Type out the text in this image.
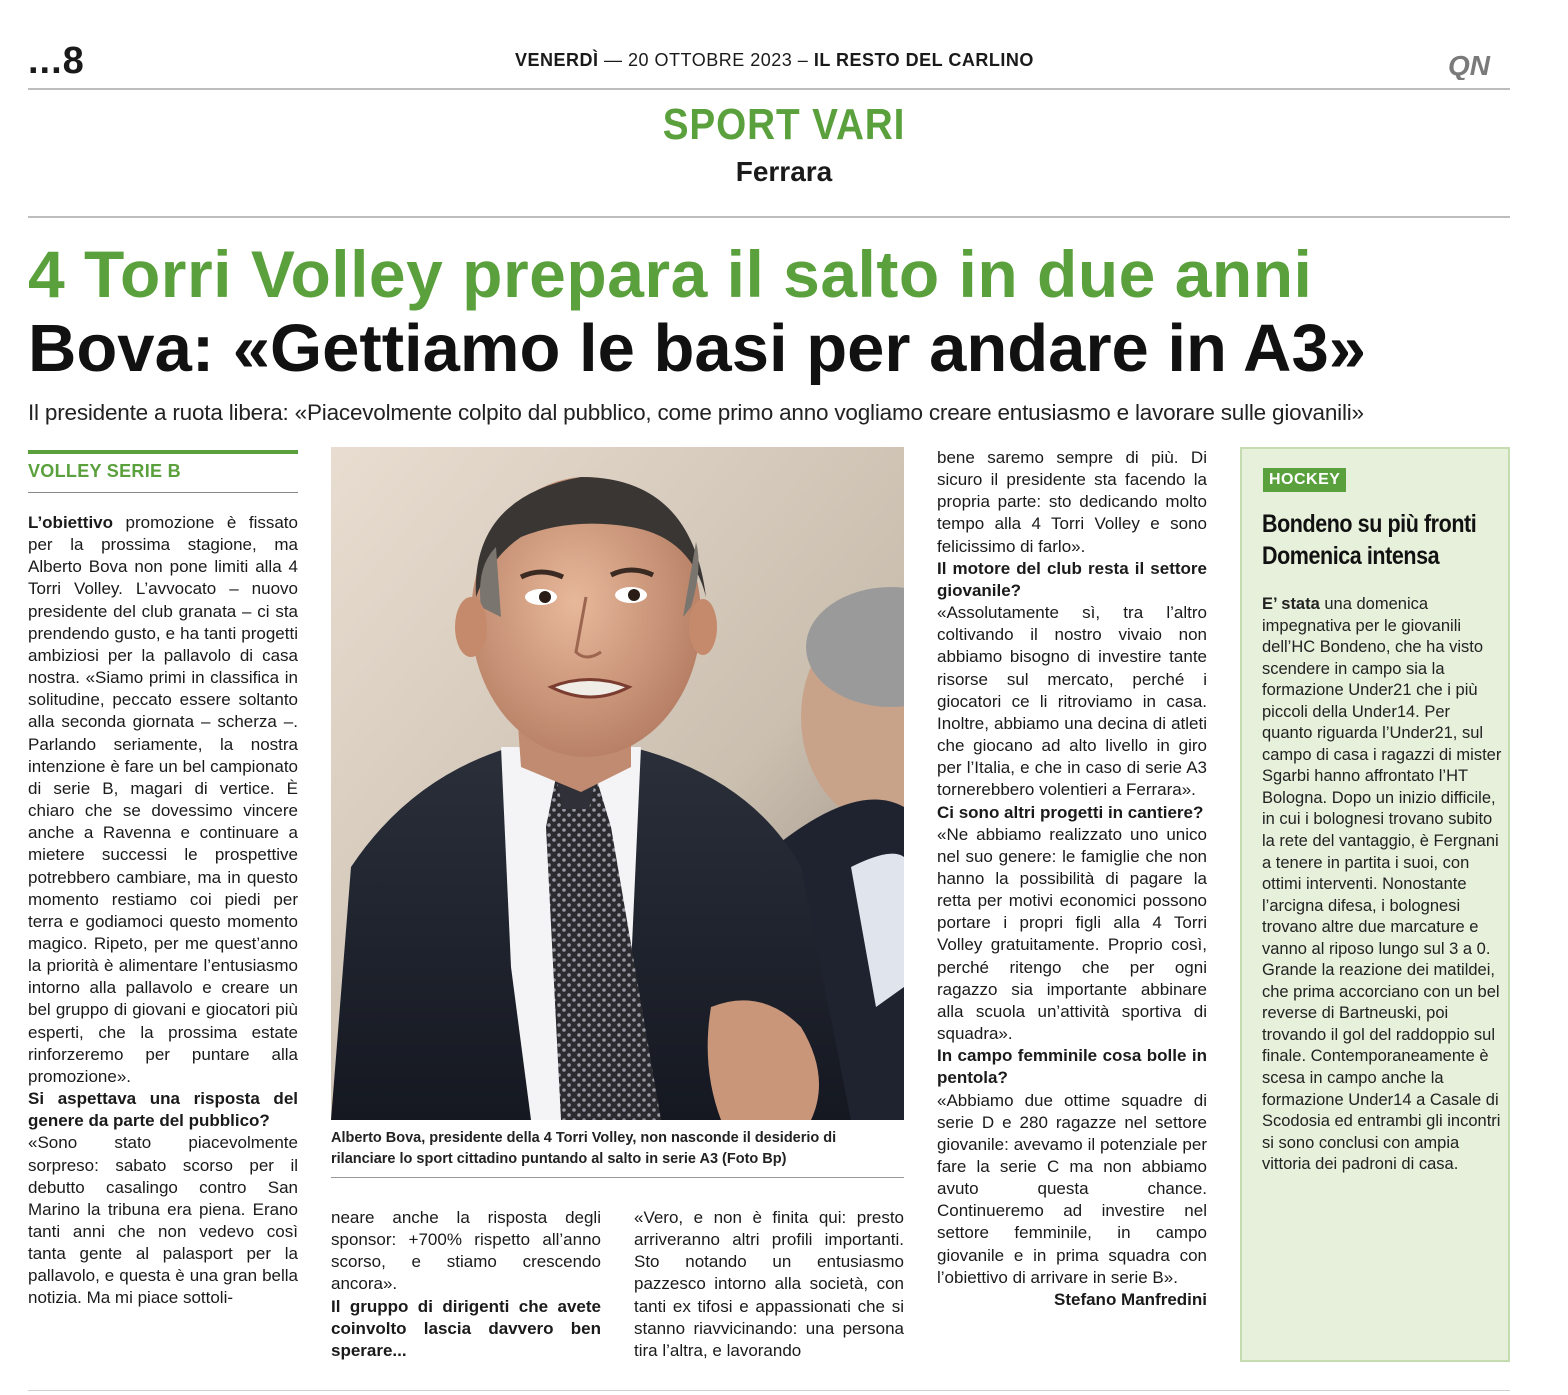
...8	VENERDÌ — 20 OTTOBRE 2023 – IL RESTO DEL CARLINO	QN
SPORT VARI
Ferrara
4 Torri Volley prepara il salto in due anni
Bova: «Gettiamo le basi per andare in A3»
Il presidente a ruota libera: «Piacevolmente colpito dal pubblico, come primo anno vogliamo creare entusiasmo e lavorare sulle giovanili»
VOLLEY SERIE B

L’obiettivo promozione è fissato per la prossima stagione, ma Alberto Bova non pone limiti alla 4 Torri Volley. L’avvocato – nuovo presidente del club granata – ci sta prendendo gusto, e ha tanti progetti ambiziosi per la pallavolo di casa nostra. «Siamo primi in classifica in solitudine, peccato essere soltanto alla seconda giornata – scherza –. Parlando seriamente, la nostra intenzione è fare un bel campionato di serie B, magari di vertice. È chiaro che se dovessimo vincere anche a Ravenna e continuare a mietere successi le prospettive potrebbero cambiare, ma in questo momento restiamo coi piedi per terra e godiamoci questo momento magico. Ripeto, per me quest’anno la priorità è alimentare l’entusiasmo intorno alla pallavolo e creare un bel gruppo di giovani e giocatori più esperti, che la prossima estate rinforzeremo per puntare alla promozione».

Si aspettava una risposta del genere da parte del pubblico?

«Sono stato piacevolmente sorpreso: sabato scorso per il debutto casalingo contro San Marino la tribuna era piena. Erano tanti anni che non vedevo così tanta gente al palasport per la pallavolo, e questa è una gran bella notizia. Ma mi piace sottoli-

Alberto Bova, presidente della 4 Torri Volley, non nasconde il desiderio di rilanciare lo sport cittadino puntando al salto in serie A3 (Foto Bp)

neare anche la risposta degli sponsor: +700% rispetto all’anno scorso, e stiamo crescendo ancora».

Il gruppo di dirigenti che avete coinvolto lascia davvero ben sperare...

«Vero, e non è finita qui: presto arriveranno altri profili importanti. Sto notando un entusiasmo pazzesco intorno alla società, con tanti ex tifosi e appassionati che si stanno riavvicinando: una persona tira l’altra, e lavorando

bene saremo sempre di più. Di sicuro il presidente sta facendo la propria parte: sto dedicando molto tempo alla 4 Torri Volley e sono felicissimo di farlo».

Il motore del club resta il settore giovanile?

«Assolutamente sì, tra l’altro coltivando il nostro vivaio non abbiamo bisogno di investire tante risorse sul mercato, perché i giocatori ce li ritroviamo in casa. Inoltre, abbiamo una decina di atleti che giocano ad alto livello in giro per l’Italia, e che in caso di serie A3 tornerebbero volentieri a Ferrara».

Ci sono altri progetti in cantiere?

«Ne abbiamo realizzato uno unico nel suo genere: le famiglie che non hanno la possibilità di pagare la retta per motivi economici possono portare i propri figli alla 4 Torri Volley gratuitamente. Proprio così, perché ritengo che per ogni ragazzo sia importante abbinare alla scuola un’attività sportiva di squadra».

In campo femminile cosa bolle in pentola?

«Abbiamo due ottime squadre di serie D e 280 ragazze nel settore giovanile: avevamo il potenziale per fare la serie C ma non abbiamo avuto questa chance. Continueremo ad investire nel settore femminile, in campo giovanile e in prima squadra con l’obiettivo di arrivare in serie B».

Stefano Manfredini

HOCKEY
Bondeno su più fronti
Domenica intensa
E’ stata una domenica impegnativa per le giovanili dell’HC Bondeno, che ha visto scendere in campo sia la formazione Under21 che i più piccoli della Under14. Per quanto riguarda l’Under21, sul campo di casa i ragazzi di mister Sgarbi hanno affrontato l’HT Bologna. Dopo un inizio difficile, in cui i bolognesi trovano subito la rete del vantaggio, è Fergnani a tenere in partita i suoi, con ottimi interventi. Nonostante l’arcigna difesa, i bolognesi trovano altre due marcature e vanno al riposo lungo sul 3 a 0. Grande la reazione dei matildei, che prima accorciano con un bel reverse di Bartneuski, poi trovando il gol del raddoppio sul finale. Contemporaneamente è scesa in campo anche la formazione Under14 a Casale di Scodosia ed entrambi gli incontri si sono conclusi con ampia vittoria dei padroni di casa.
